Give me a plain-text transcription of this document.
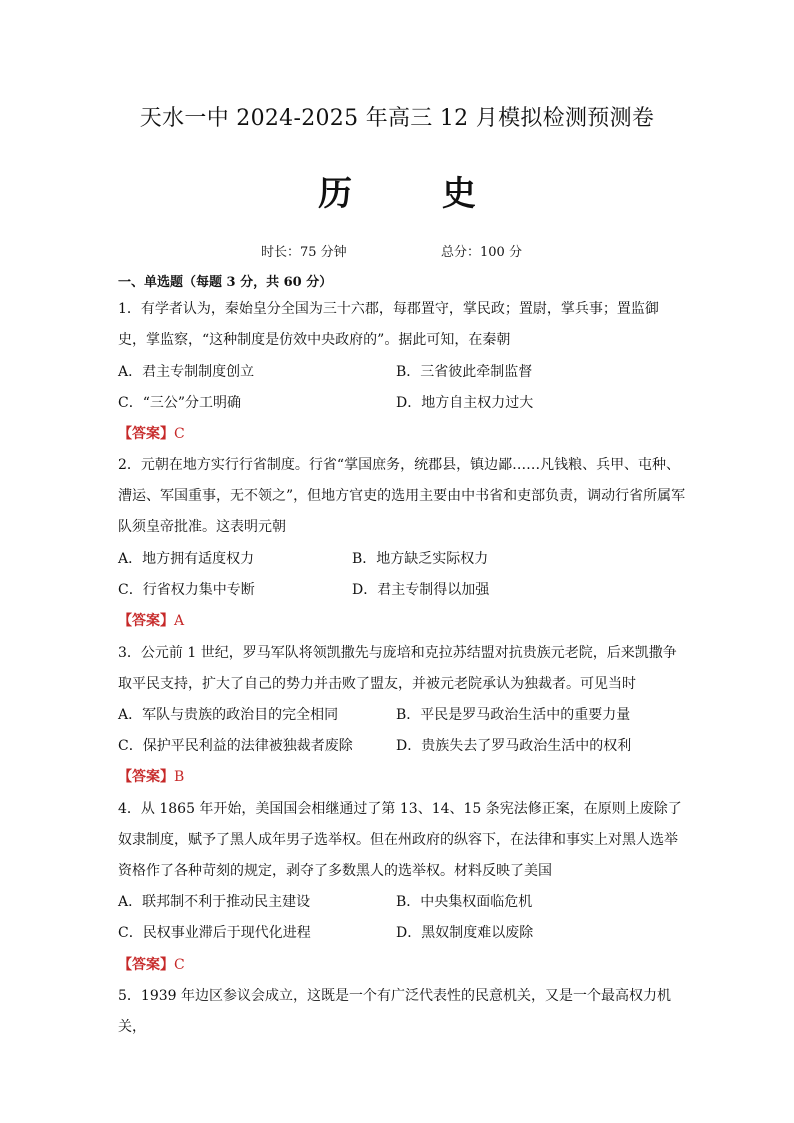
天水一中 2024-2025 年高三 12 月模拟检测预测卷
历 史
时长：75 分钟	总分：100 分
一、单选题（每题 3 分，共 60 分）

1．有学者认为，秦始皇分全国为三十六郡，每郡置守，掌民政；置尉，掌兵事；置监御史，掌监察，“这种制度是仿效中央政府的”。据此可知，在秦朝

A．君主专制制度创立	B．三省彼此牵制监督
C．“三公”分工明确	D．地方自主权力过大
【答案】C

2．元朝在地方实行行省制度。行省“掌国庶务，统郡县，镇边鄙……凡钱粮、兵甲、屯种、漕运、军国重事，无不领之”，但地方官吏的选用主要由中书省和吏部负责，调动行省所属军队须皇帝批准。这表明元朝

A．地方拥有适度权力	B．地方缺乏实际权力
C．行省权力集中专断	D．君主专制得以加强
【答案】A

3．公元前 1 世纪，罗马军队将领凯撒先与庞培和克拉苏结盟对抗贵族元老院，后来凯撒争取平民支持，扩大了自己的势力并击败了盟友，并被元老院承认为独裁者。可见当时

A．军队与贵族的政治目的完全相同	B．平民是罗马政治生活中的重要力量
C．保护平民利益的法律被独裁者废除	D．贵族失去了罗马政治生活中的权利
【答案】B

4．从 1865 年开始，美国国会相继通过了第 13、14、15 条宪法修正案，在原则上废除了奴隶制度，赋予了黑人成年男子选举权。但在州政府的纵容下，在法律和事实上对黑人选举资格作了各种苛刻的规定，剥夺了多数黑人的选举权。材料反映了美国

A．联邦制不利于推动民主建设	B．中央集权面临危机
C．民权事业滞后于现代化进程	D．黑奴制度难以废除
【答案】C

5．1939 年边区参议会成立，这既是一个有广泛代表性的民意机关，又是一个最高权力机关，
